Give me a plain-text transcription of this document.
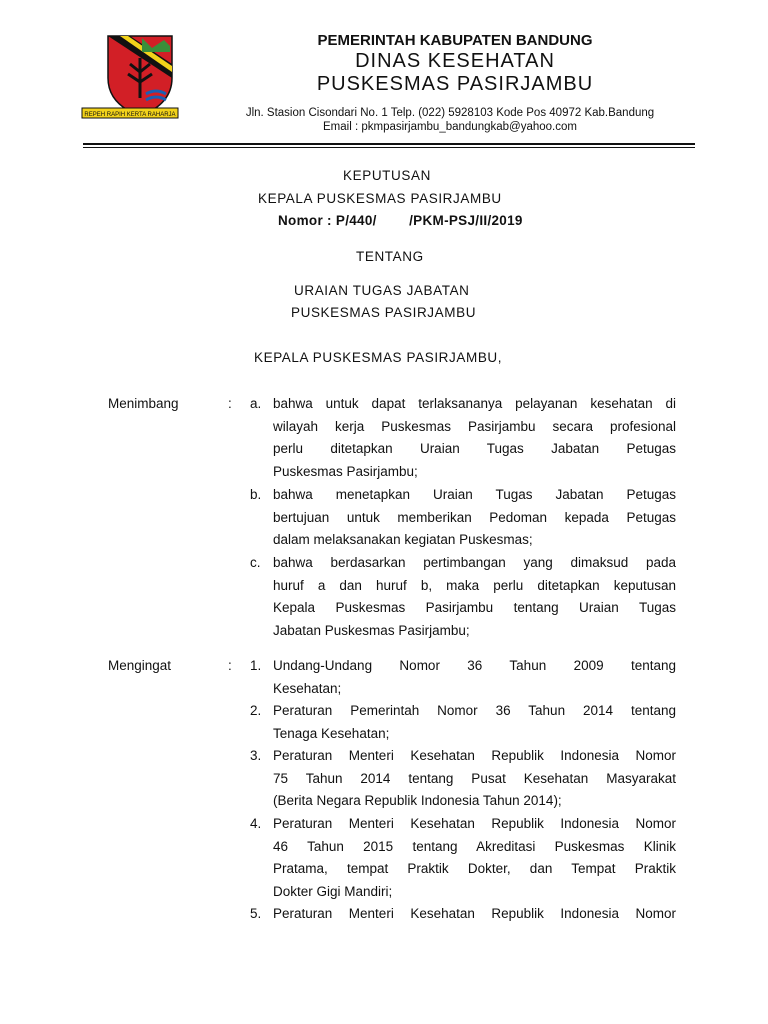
REPEH RAPIH KERTA RAHARJA
PEMERINTAH KABUPATEN BANDUNG
DINAS KESEHATAN
PUSKESMAS PASIRJAMBU
Jln. Stasion Cisondari No. 1 Telp. (022) 5928103 Kode Pos 40972 Kab.Bandung
Email : pkmpasirjambu_bandungkab@yahoo.com
KEPUTUSAN
KEPALA PUSKESMAS PASIRJAMBU
Nomor : P/440/        /PKM-PSJ/II/2019
TENTANG
URAIAN TUGAS JABATAN
PUSKESMAS PASIRJAMBU
KEPALA PUSKESMAS PASIRJAMBU,
Menimbang	: a. bahwa untuk dapat terlaksananya pelayanan kesehatan di
wilayah kerja Puskesmas Pasirjambu secara profesional
perlu ditetapkan Uraian Tugas Jabatan Petugas
Puskesmas Pasirjambu;
b. bahwa menetapkan Uraian Tugas Jabatan Petugas
bertujuan untuk memberikan Pedoman kepada Petugas
dalam melaksanakan kegiatan Puskesmas;
c. bahwa berdasarkan pertimbangan yang dimaksud pada
huruf a dan huruf b, maka perlu ditetapkan keputusan
Kepala Puskesmas Pasirjambu tentang Uraian Tugas
Jabatan Puskesmas Pasirjambu;
Mengingat	: 1. Undang-Undang Nomor 36 Tahun 2009 tentang
Kesehatan;
2. Peraturan Pemerintah Nomor 36 Tahun 2014 tentang
Tenaga Kesehatan;
3. Peraturan Menteri Kesehatan Republik Indonesia Nomor
75 Tahun 2014 tentang Pusat Kesehatan Masyarakat
(Berita Negara Republik Indonesia Tahun 2014);
4. Peraturan Menteri Kesehatan Republik Indonesia Nomor
46 Tahun 2015 tentang Akreditasi Puskesmas Klinik
Pratama, tempat Praktik Dokter, dan Tempat Praktik
Dokter Gigi Mandiri;
5. Peraturan Menteri Kesehatan Republik Indonesia Nomor
